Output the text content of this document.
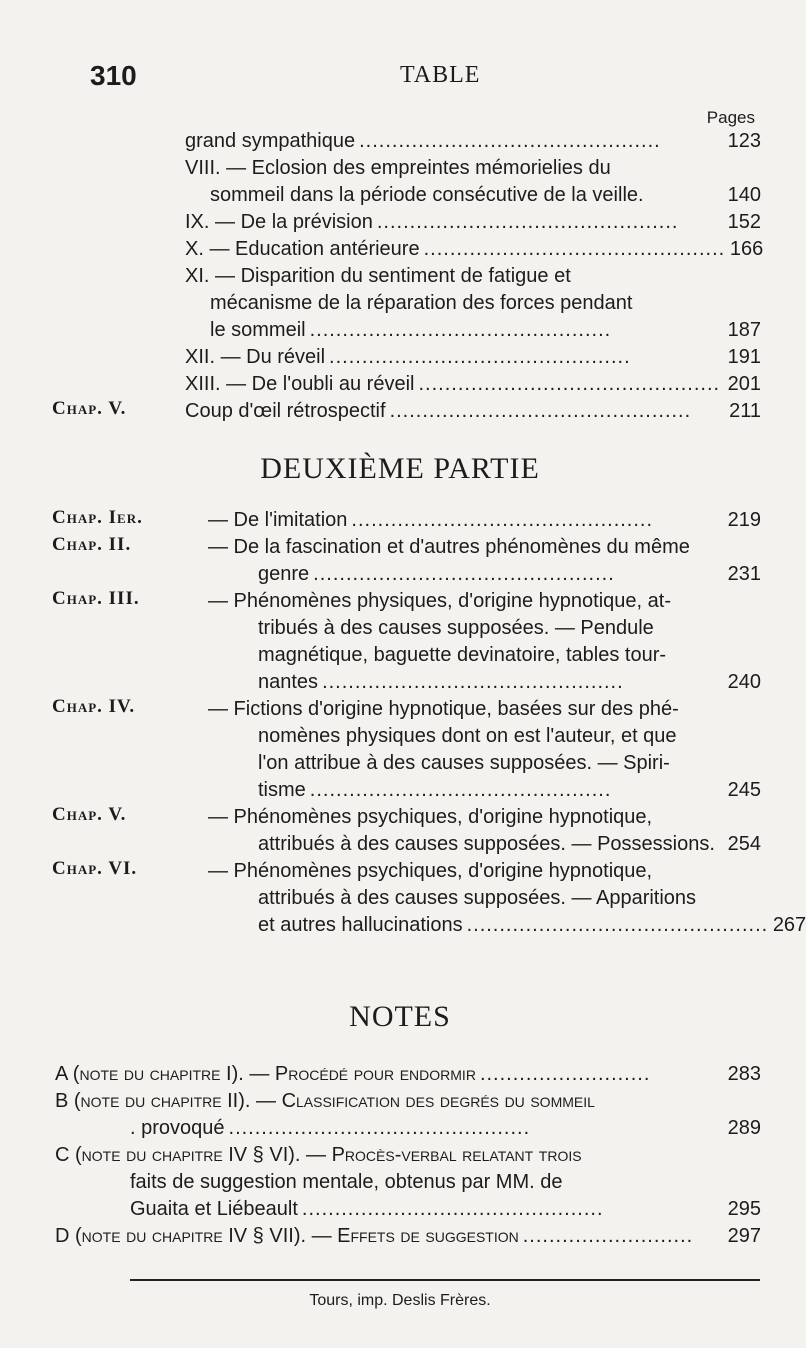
310	TABLE
Pages
grand sympathique ..............................................	123
VIII. — Eclosion des empreintes mémorielies du
sommeil dans la période consécutive de la veille.	140
IX. — De la prévision ..............................................	152
X. — Education antérieure .............................................. 166
XI. — Disparition du sentiment de fatigue et
mécanisme de la réparation des forces pendant
le sommeil ..............................................	187
XII. — Du réveil ..............................................	191
XIII. — De l'oubli au réveil .............................................. 201
Chap. V.	Coup d'œil rétrospectif ..............................................	211
DEUXIÈME PARTIE
Chap. Ier.	— De l'imitation ..............................................	219
Chap. II.	— De la fascination et d'autres phénomènes du même
genre ..............................................	231
Chap. III.	— Phénomènes physiques, d'origine hypnotique, at-
tribués à des causes supposées. — Pendule
magnétique, baguette devinatoire, tables tour-
nantes ..............................................	240
Chap. IV.	— Fictions d'origine hypnotique, basées sur des phé-
nomènes physiques dont on est l'auteur, et que
l'on attribue à des causes supposées. — Spiri-
tisme ..............................................	245
Chap. V.	— Phénomènes psychiques, d'origine hypnotique,
attribués à des causes supposées. — Possessions. 254
Chap. VI.	— Phénomènes psychiques, d'origine hypnotique,
attribués à des causes supposées. — Apparitions
et autres hallucinations .............................................. 267
NOTES
A (note du chapitre I). — Procédé pour endormir ..........................	283
B (note du chapitre II). — Classification des degrés du sommeil
. provoqué ..............................................	289
C (note du chapitre IV § VI). — Procès-verbal relatant trois
faits de suggestion mentale, obtenus par MM. de
Guaita et Liébeault ..............................................	295
D (note du chapitre IV § VII). — Effets de suggestion ..........................	297
Tours, imp. Deslis Frères.
